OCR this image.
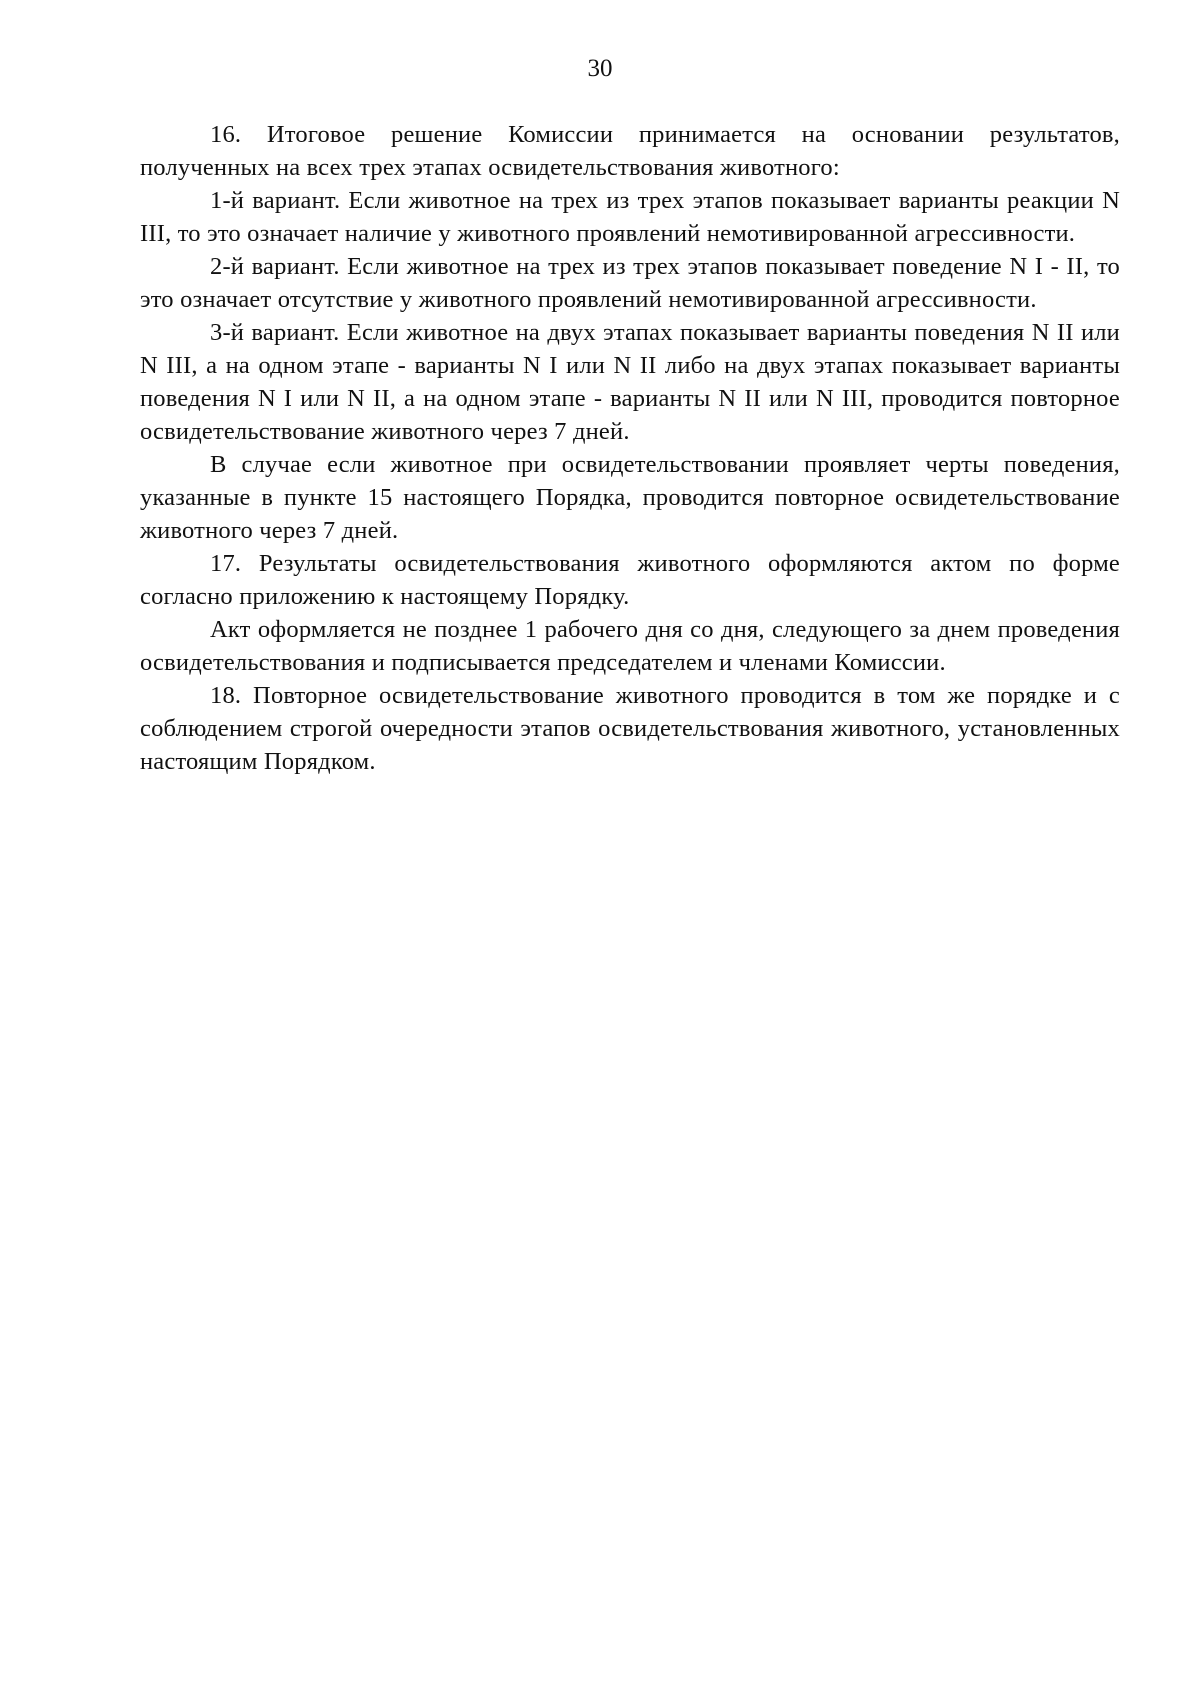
30

16. Итоговое решение Комиссии принимается на основании результатов, полученных на всех трех этапах освидетельствования животного:

1-й вариант. Если животное на трех из трех этапов показывает варианты реакции N III, то это означает наличие у животного проявлений немотивированной агрессивности.

2-й вариант. Если животное на трех из трех этапов показывает поведение N I - II, то это означает отсутствие у животного проявлений немотивированной агрессивности.

3-й вариант. Если животное на двух этапах показывает варианты поведения N II или N III, а на одном этапе - варианты N I или N II либо на двух этапах показывает варианты поведения N I или N II, а на одном этапе - варианты N II или N III, проводится повторное освидетельствование животного через 7 дней.

В случае если животное при освидетельствовании проявляет черты поведения, указанные в пункте 15 настоящего Порядка, проводится повторное освидетельствование животного через 7 дней.

17. Результаты освидетельствования животного оформляются актом по форме согласно приложению к настоящему Порядку.

Акт оформляется не позднее 1 рабочего дня со дня, следующего за днем проведения освидетельствования и подписывается председателем и членами Комиссии.

18. Повторное освидетельствование животного проводится в том же порядке и с соблюдением строгой очередности этапов освидетельствования животного, установленных настоящим Порядком.
